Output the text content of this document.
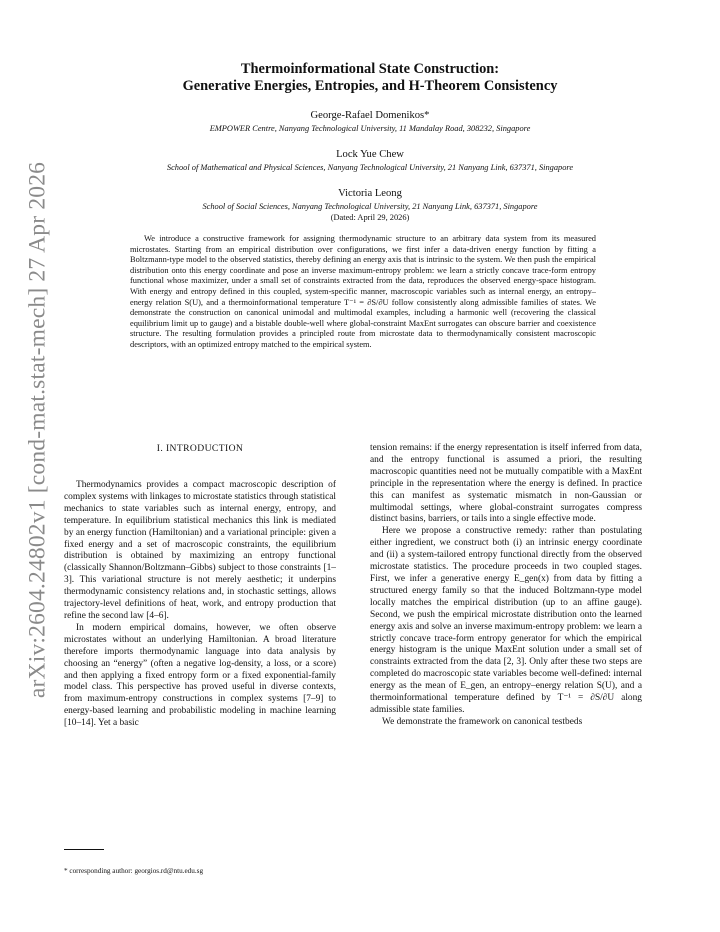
arXiv:2604.24802v1 [cond-mat.stat-mech] 27 Apr 2026
Thermoinformational State Construction:
Generative Energies, Entropies, and H-Theorem Consistency
George-Rafael Domenikos*
EMPOWER Centre, Nanyang Technological University, 11 Mandalay Road, 308232, Singapore
Lock Yue Chew
School of Mathematical and Physical Sciences, Nanyang Technological University, 21 Nanyang Link, 637371, Singapore
Victoria Leong
School of Social Sciences, Nanyang Technological University, 21 Nanyang Link, 637371, Singapore
(Dated: April 29, 2026)
We introduce a constructive framework for assigning thermodynamic structure to an arbitrary data system from its measured microstates. Starting from an empirical distribution over configurations, we first infer a data-driven energy function by fitting a Boltzmann-type model to the observed statistics, thereby defining an energy axis that is intrinsic to the system. We then push the empirical distribution onto this energy coordinate and pose an inverse maximum-entropy problem: we learn a strictly concave trace-form entropy functional whose maximizer, under a small set of constraints extracted from the data, reproduces the observed energy-space histogram. With energy and entropy defined in this coupled, system-specific manner, macroscopic variables such as internal energy, an entropy–energy relation S(U), and a thermoinformational temperature T⁻¹ = ∂S/∂U follow consistently along admissible families of states. We demonstrate the construction on canonical unimodal and multimodal examples, including a harmonic well (recovering the classical equilibrium limit up to gauge) and a bistable double-well where global-constraint MaxEnt surrogates can obscure barrier and coexistence structure. The resulting formulation provides a principled route from microstate data to thermodynamically consistent macroscopic descriptors, with an optimized entropy matched to the empirical system.
I. INTRODUCTION

Thermodynamics provides a compact macroscopic description of complex systems with linkages to microstate statistics through statistical mechanics to state variables such as internal energy, entropy, and temperature. In equilibrium statistical mechanics this link is mediated by an energy function (Hamiltonian) and a variational principle: given a fixed energy and a set of macroscopic constraints, the equilibrium distribution is obtained by maximizing an entropy functional (classically Shannon/Boltzmann–Gibbs) subject to those constraints [1–3]. This variational structure is not merely aesthetic; it underpins thermodynamic consistency relations and, in stochastic settings, allows trajectory-level definitions of heat, work, and entropy production that refine the second law [4–6].

In modern empirical domains, however, we often observe microstates without an underlying Hamiltonian. A broad literature therefore imports thermodynamic language into data analysis by choosing an “energy” (often a negative log-density, a loss, or a score) and then applying a fixed entropy form or a fixed exponential-family model class. This perspective has proved useful in diverse contexts, from maximum-entropy constructions in complex systems [7–9] to energy-based learning and probabilistic modeling in machine learning [10–14]. Yet a basic

tension remains: if the energy representation is itself inferred from data, and the entropy functional is assumed a priori, the resulting macroscopic quantities need not be mutually compatible with a MaxEnt principle in the representation where the energy is defined. In practice this can manifest as systematic mismatch in non-Gaussian or multimodal settings, where global-constraint surrogates compress distinct basins, barriers, or tails into a single effective mode.

Here we propose a constructive remedy: rather than postulating either ingredient, we construct both (i) an intrinsic energy coordinate and (ii) a system-tailored entropy functional directly from the observed microstate statistics. The procedure proceeds in two coupled stages. First, we infer a generative energy E_gen(x) from data by fitting a structured energy family so that the induced Boltzmann-type model locally matches the empirical distribution (up to an affine gauge). Second, we push the empirical microstate distribution onto the learned energy axis and solve an inverse maximum-entropy problem: we learn a strictly concave trace-form entropy generator for which the empirical energy histogram is the unique MaxEnt solution under a small set of constraints extracted from the data [2, 3]. Only after these two steps are completed do macroscopic state variables become well-defined: internal energy as the mean of E_gen, an entropy–energy relation S(U), and a thermoinformational temperature defined by T⁻¹ = ∂S/∂U along admissible state families.

We demonstrate the framework on canonical testbeds

* corresponding author: georgios.rd@ntu.edu.sg
